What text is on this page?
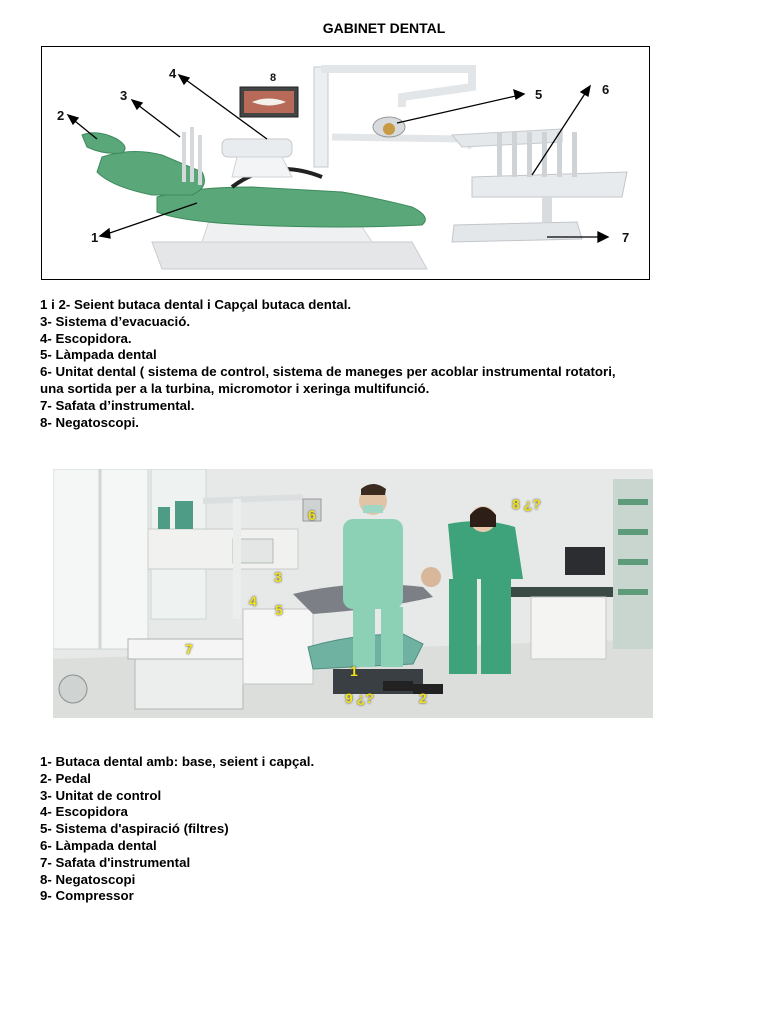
GABINET DENTAL
1
2
3
4
5	6
7
8
1 i 2- Seient butaca dental i Capçal butaca dental.
3- Sistema d’evacuació.
4- Escopidora.
5- Làmpada dental
6- Unitat dental ( sistema de control, sistema de maneges per acoblar instrumental rotatori,
una sortida per a la turbina, micromotor i xeringa multifunció.
7- Safata d’instrumental.
8- Negatoscopi.
6
8 ¿?
1
2
3
4
5
7
9 ¿?
1- Butaca dental amb: base, seient i capçal.
2- Pedal
3- Unitat de control
4- Escopidora
5- Sistema d'aspiració (filtres)
6- Làmpada dental
7- Safata d'instrumental
8- Negatoscopi
9- Compressor
